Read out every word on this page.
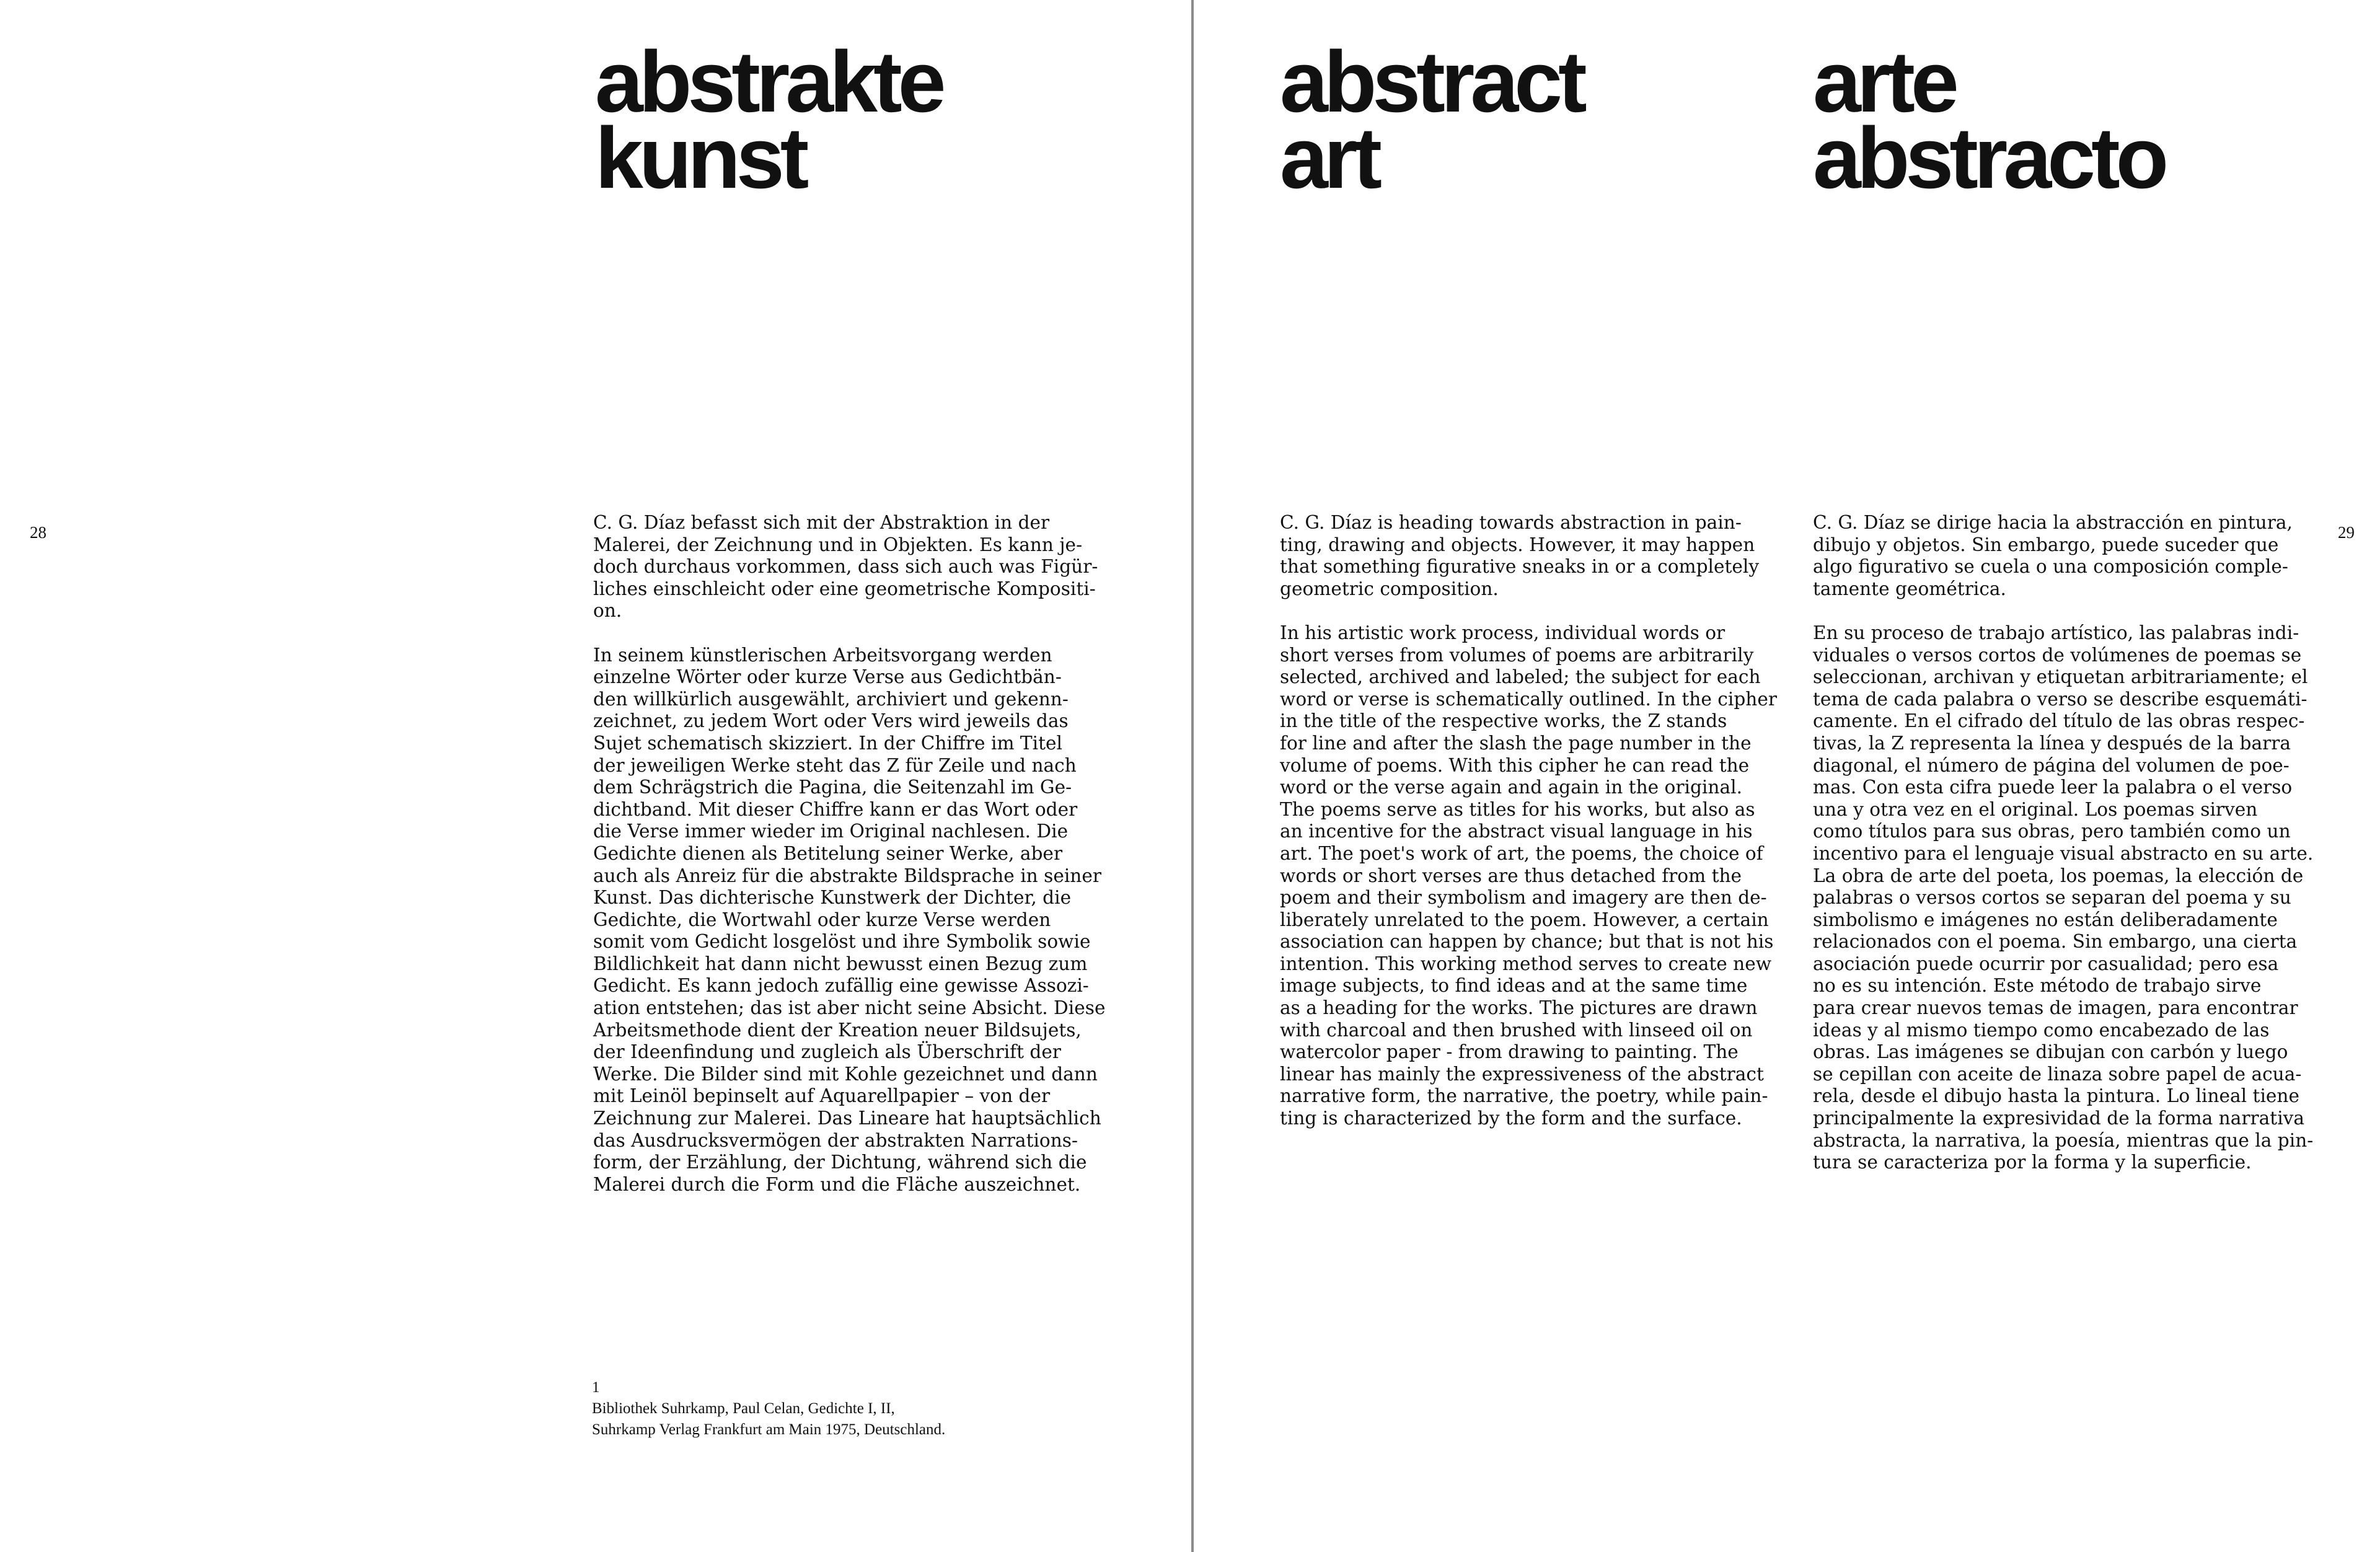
28
abstrakte
kunst

C. G. Díaz befasst sich mit der Abstraktion in der
Malerei, der Zeichnung und in Objekten. Es kann je-
doch durchaus vorkommen, dass sich auch was Figür-
liches einschleicht oder eine geometrische Kompositi-
on.

In seinem künstlerischen Arbeitsvorgang werden
einzelne Wörter oder kurze Verse aus Gedichtbän-
den willkürlich ausgewählt, archiviert und gekenn-
zeichnet, zu jedem Wort oder Vers wird jeweils das
Sujet schematisch skizziert. In der Chiffre im Titel
der jeweiligen Werke steht das Z für Zeile und nach
dem Schrägstrich die Pagina, die Seitenzahl im Ge-
dichtband. Mit dieser Chiffre kann er das Wort oder
die Verse immer wieder im Original nachlesen. Die
Gedichte dienen als Betitelung seiner Werke, aber
auch als Anreiz für die abstrakte Bildsprache in seiner
Kunst. Das dichterische Kunstwerk der Dichter, die
Gedichte, die Wortwahl oder kurze Verse werden
somit vom Gedicht losgelöst und ihre Symbolik sowie
Bildlichkeit hat dann nicht bewusst einen Bezug zum
Gedicht. Es kann jedoch zufällig eine gewisse Assozi-
ation entstehen; das ist aber nicht seine Absicht. Diese
Arbeitsmethode dient der Kreation neuer Bildsujets,
der Ideenfindung und zugleich als Überschrift der
Werke. Die Bilder sind mit Kohle gezeichnet und dann
mit Leinöl bepinselt auf Aquarellpapier – von der
Zeichnung zur Malerei. Das Lineare hat hauptsächlich
das Ausdrucksvermögen der abstrakten Narrations-
form, der Erzählung, der Dichtung, während sich die
Malerei durch die Form und die Fläche auszeichnet.

1

Bibliothek Suhrkamp, Paul Celan, Gedichte I, II,

Suhrkamp Verlag Frankfurt am Main 1975, Deutschland.

abstract
art
arte
abstracto

C. G. Díaz is heading towards abstraction in pain-
ting, drawing and objects. However, it may happen
that something figurative sneaks in or a completely
geometric composition.

In his artistic work process, individual words or
short verses from volumes of poems are arbitrarily
selected, archived and labeled; the subject for each
word or verse is schematically outlined. In the cipher
in the title of the respective works, the Z stands
for line and after the slash the page number in the
volume of poems. With this cipher he can read the
word or the verse again and again in the original.
The poems serve as titles for his works, but also as
an incentive for the abstract visual language in his
art. The poet's work of art, the poems, the choice of
words or short verses are thus detached from the
poem and their symbolism and imagery are then de-
liberately unrelated to the poem. However, a certain
association can happen by chance; but that is not his
intention. This working method serves to create new
image subjects, to find ideas and at the same time
as a heading for the works. The pictures are drawn
with charcoal and then brushed with linseed oil on
watercolor paper - from drawing to painting. The
linear has mainly the expressiveness of the abstract
narrative form, the narrative, the poetry, while pain-
ting is characterized by the form and the surface.

C. G. Díaz se dirige hacia la abstracción en pintura,
dibujo y objetos. Sin embargo, puede suceder que
algo figurativo se cuela o una composición comple-
tamente geométrica.

En su proceso de trabajo artístico, las palabras indi-
viduales o versos cortos de volúmenes de poemas se
seleccionan, archivan y etiquetan arbitrariamente; el
tema de cada palabra o verso se describe esquemáti-
camente. En el cifrado del título de las obras respec-
tivas, la Z representa la línea y después de la barra
diagonal, el número de página del volumen de poe-
mas. Con esta cifra puede leer la palabra o el verso
una y otra vez en el original. Los poemas sirven
como títulos para sus obras, pero también como un
incentivo para el lenguaje visual abstracto en su arte.
La obra de arte del poeta, los poemas, la elección de
palabras o versos cortos se separan del poema y su
simbolismo e imágenes no están deliberadamente
relacionados con el poema. Sin embargo, una cierta
asociación puede ocurrir por casualidad; pero esa
no es su intención. Este método de trabajo sirve
para crear nuevos temas de imagen, para encontrar
ideas y al mismo tiempo como encabezado de las
obras. Las imágenes se dibujan con carbón y luego
se cepillan con aceite de linaza sobre papel de acua-
rela, desde el dibujo hasta la pintura. Lo lineal tiene
principalmente la expresividad de la forma narrativa
abstracta, la narrativa, la poesía, mientras que la pin-
tura se caracteriza por la forma y la superficie.

29
